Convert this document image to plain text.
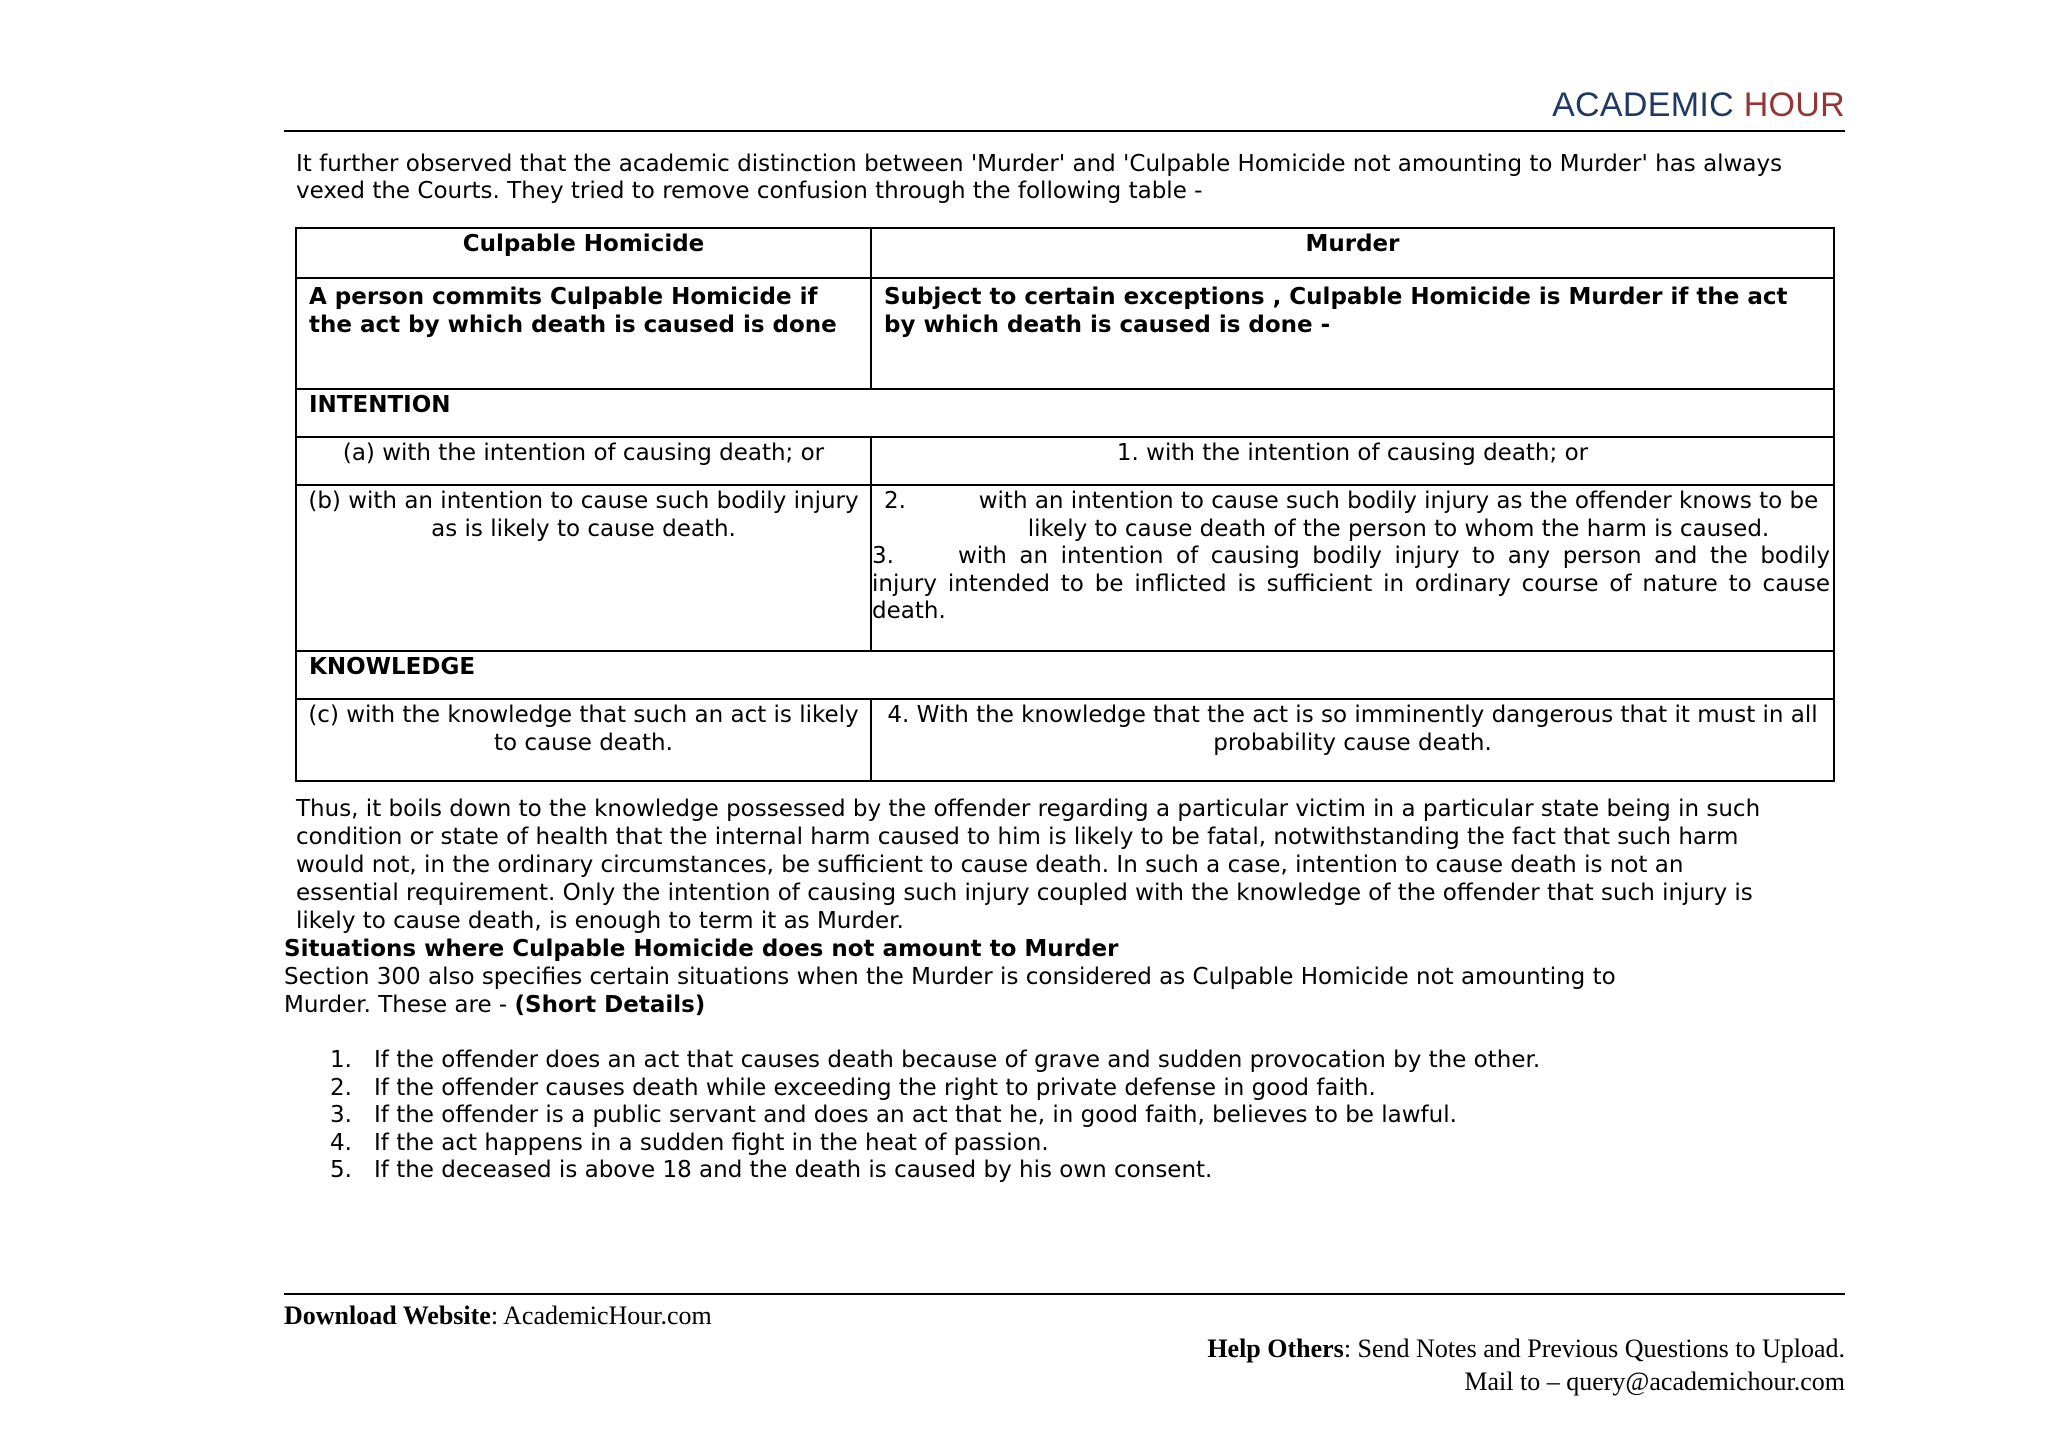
ACADEMIC HOUR
It further observed that the academic distinction between 'Murder' and 'Culpable Homicide not amounting to Murder' has always
vexed the Courts. They tried to remove confusion through the following table -
Culpable Homicide	Murder
A person commits Culpable Homicide if the act by which death is caused is done	Subject to certain exceptions , Culpable Homicide is Murder if the act by which death is caused is done -
INTENTION	
(a) with the intention of causing death; or	1. with the intention of causing death; or
(b) with an intention to cause such bodily injury as is likely to cause death.	2. with an intention to cause such bodily injury as the offender knows to be likely to cause death of the person to whom the harm is caused.
3. with an intention of causing bodily injury to any person and the bodily injury intended to be inflicted is sufficient in ordinary course of nature to cause death.

KNOWLEDGE	
(c) with the knowledge that such an act is likely to cause death.	4. With the knowledge that the act is so imminently dangerous that it must in all probability cause death.
Thus, it boils down to the knowledge possessed by the offender regarding a particular victim in a particular state being in such
condition or state of health that the internal harm caused to him is likely to be fatal, notwithstanding the fact that such harm
would not, in the ordinary circumstances, be sufficient to cause death. In such a case, intention to cause death is not an
essential requirement. Only the intention of causing such injury coupled with the knowledge of the offender that such injury is
likely to cause death, is enough to term it as Murder.
Situations where Culpable Homicide does not amount to Murder
Section 300 also specifies certain situations when the Murder is considered as Culpable Homicide not amounting to
Murder. These are - (Short Details)
1. If the offender does an act that causes death because of grave and sudden provocation by the other.
2. If the offender causes death while exceeding the right to private defense in good faith.
3. If the offender is a public servant and does an act that he, in good faith, believes to be lawful.
4. If the act happens in a sudden fight in the heat of passion.
5. If the deceased is above 18 and the death is caused by his own consent.
Download Website: AcademicHour.com
Help Others: Send Notes and Previous Questions to Upload.
Mail to – query@academichour.com
